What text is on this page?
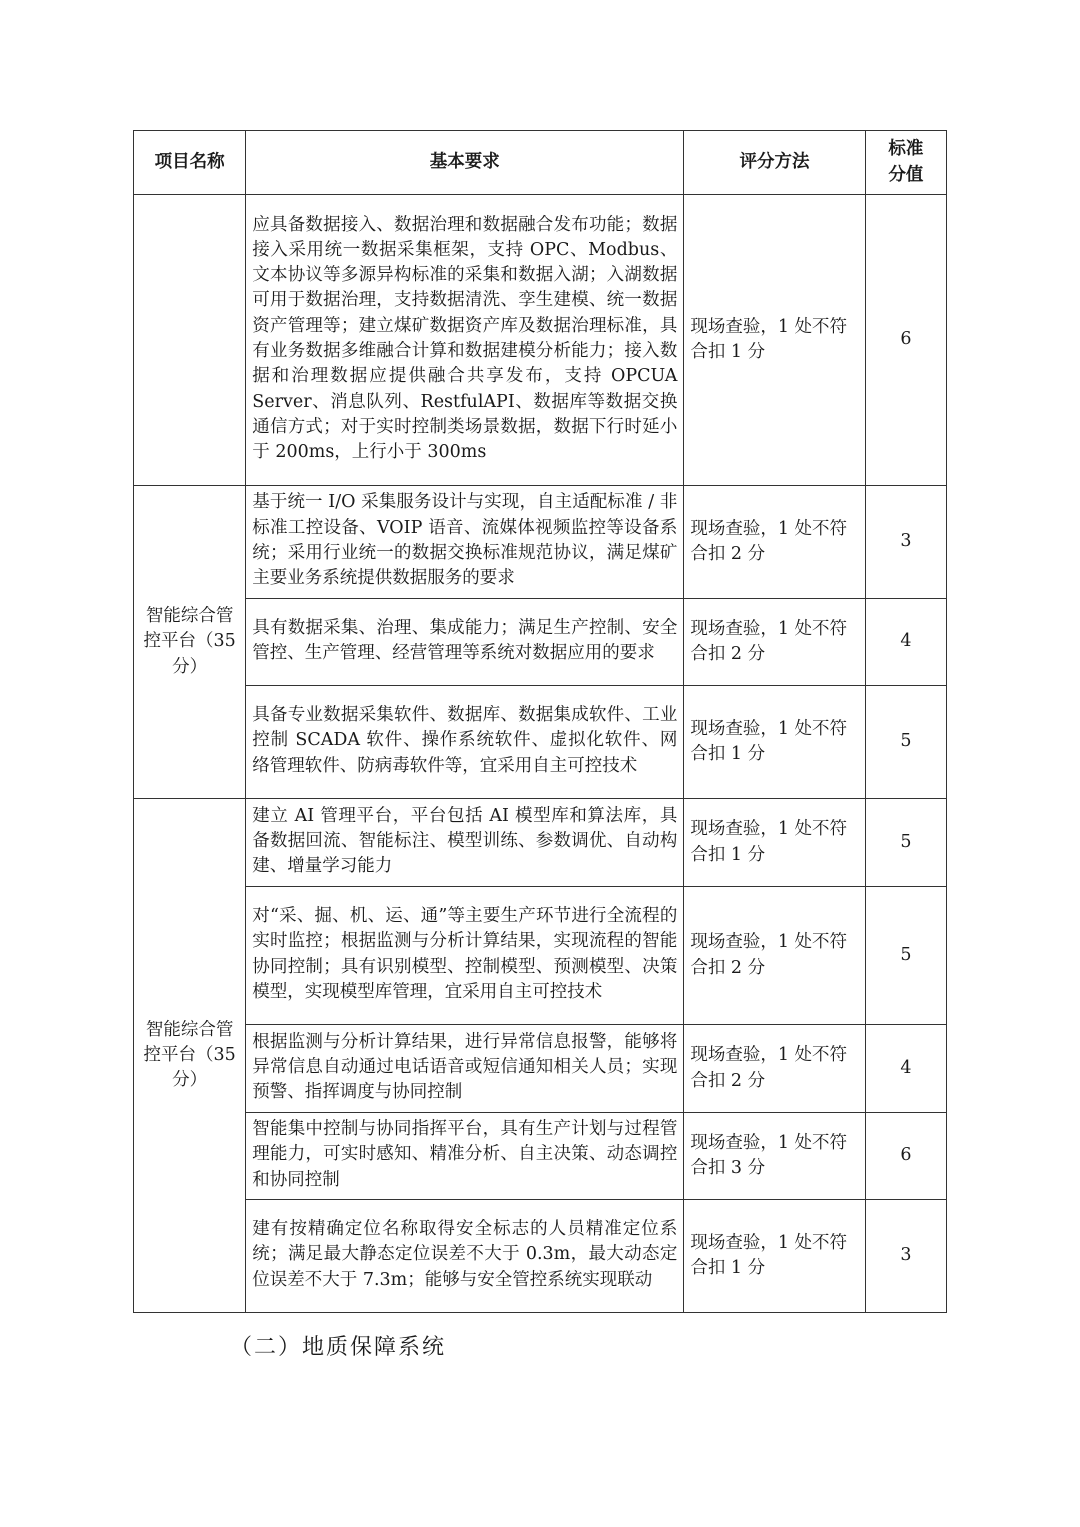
项目名称	基本要求	评分方法	标准分值
	应具备数据接入、数据治理和数据融合发布功能；数据接入采用统一数据采集框架，支持 OPC、Modbus、文本协议等多源异构标准的采集和数据入湖；入湖数据可用于数据治理，支持数据清洗、孪生建模、统一数据资产管理等；建立煤矿数据资产库及数据治理标准，具有业务数据多维融合计算和数据建模分析能力；接入数据和治理数据应提供融合共享发布，支持 OPCUA Server、消息队列、RestfulAPI、数据库等数据交换通信方式；对于实时控制类场景数据，数据下行时延小于 200ms，上行小于 300ms	现场查验，1 处不符合扣 1 分	6
智能综合管控平台（35 分）	基于统一 I/O 采集服务设计与实现，自主适配标准 / 非标准工控设备、VOIP 语音、流媒体视频监控等设备系统；采用行业统一的数据交换标准规范协议，满足煤矿主要业务系统提供数据服务的要求	现场查验，1 处不符合扣 2 分	3
	具有数据采集、治理、集成能力；满足生产控制、安全管控、生产管理、经营管理等系统对数据应用的要求	现场查验，1 处不符合扣 2 分	4
	具备专业数据采集软件、数据库、数据集成软件、工业控制 SCADA 软件、操作系统软件、虚拟化软件、网络管理软件、防病毒软件等，宜采用自主可控技术	现场查验，1 处不符合扣 1 分	5
智能综合管控平台（35 分）	建立 AI 管理平台，平台包括 AI 模型库和算法库，具备数据回流、智能标注、模型训练、参数调优、自动构建、增量学习能力	现场查验，1 处不符合扣 1 分	5
	对“采、掘、机、运、通”等主要生产环节进行全流程的实时监控；根据监测与分析计算结果，实现流程的智能协同控制；具有识别模型、控制模型、预测模型、决策模型，实现模型库管理，宜采用自主可控技术	现场查验，1 处不符合扣 2 分	5
	根据监测与分析计算结果，进行异常信息报警，能够将异常信息自动通过电话语音或短信通知相关人员；实现预警、指挥调度与协同控制	现场查验，1 处不符合扣 2 分	4
	智能集中控制与协同指挥平台，具有生产计划与过程管理能力，可实时感知、精准分析、自主决策、动态调控和协同控制	现场查验，1 处不符合扣 3 分	6
	建有按精确定位名称取得安全标志的人员精准定位系统；满足最大静态定位误差不大于 0.3m，最大动态定位误差不大于 7.3m；能够与安全管控系统实现联动	现场查验，1 处不符合扣 1 分	3
（二）地质保障系统
